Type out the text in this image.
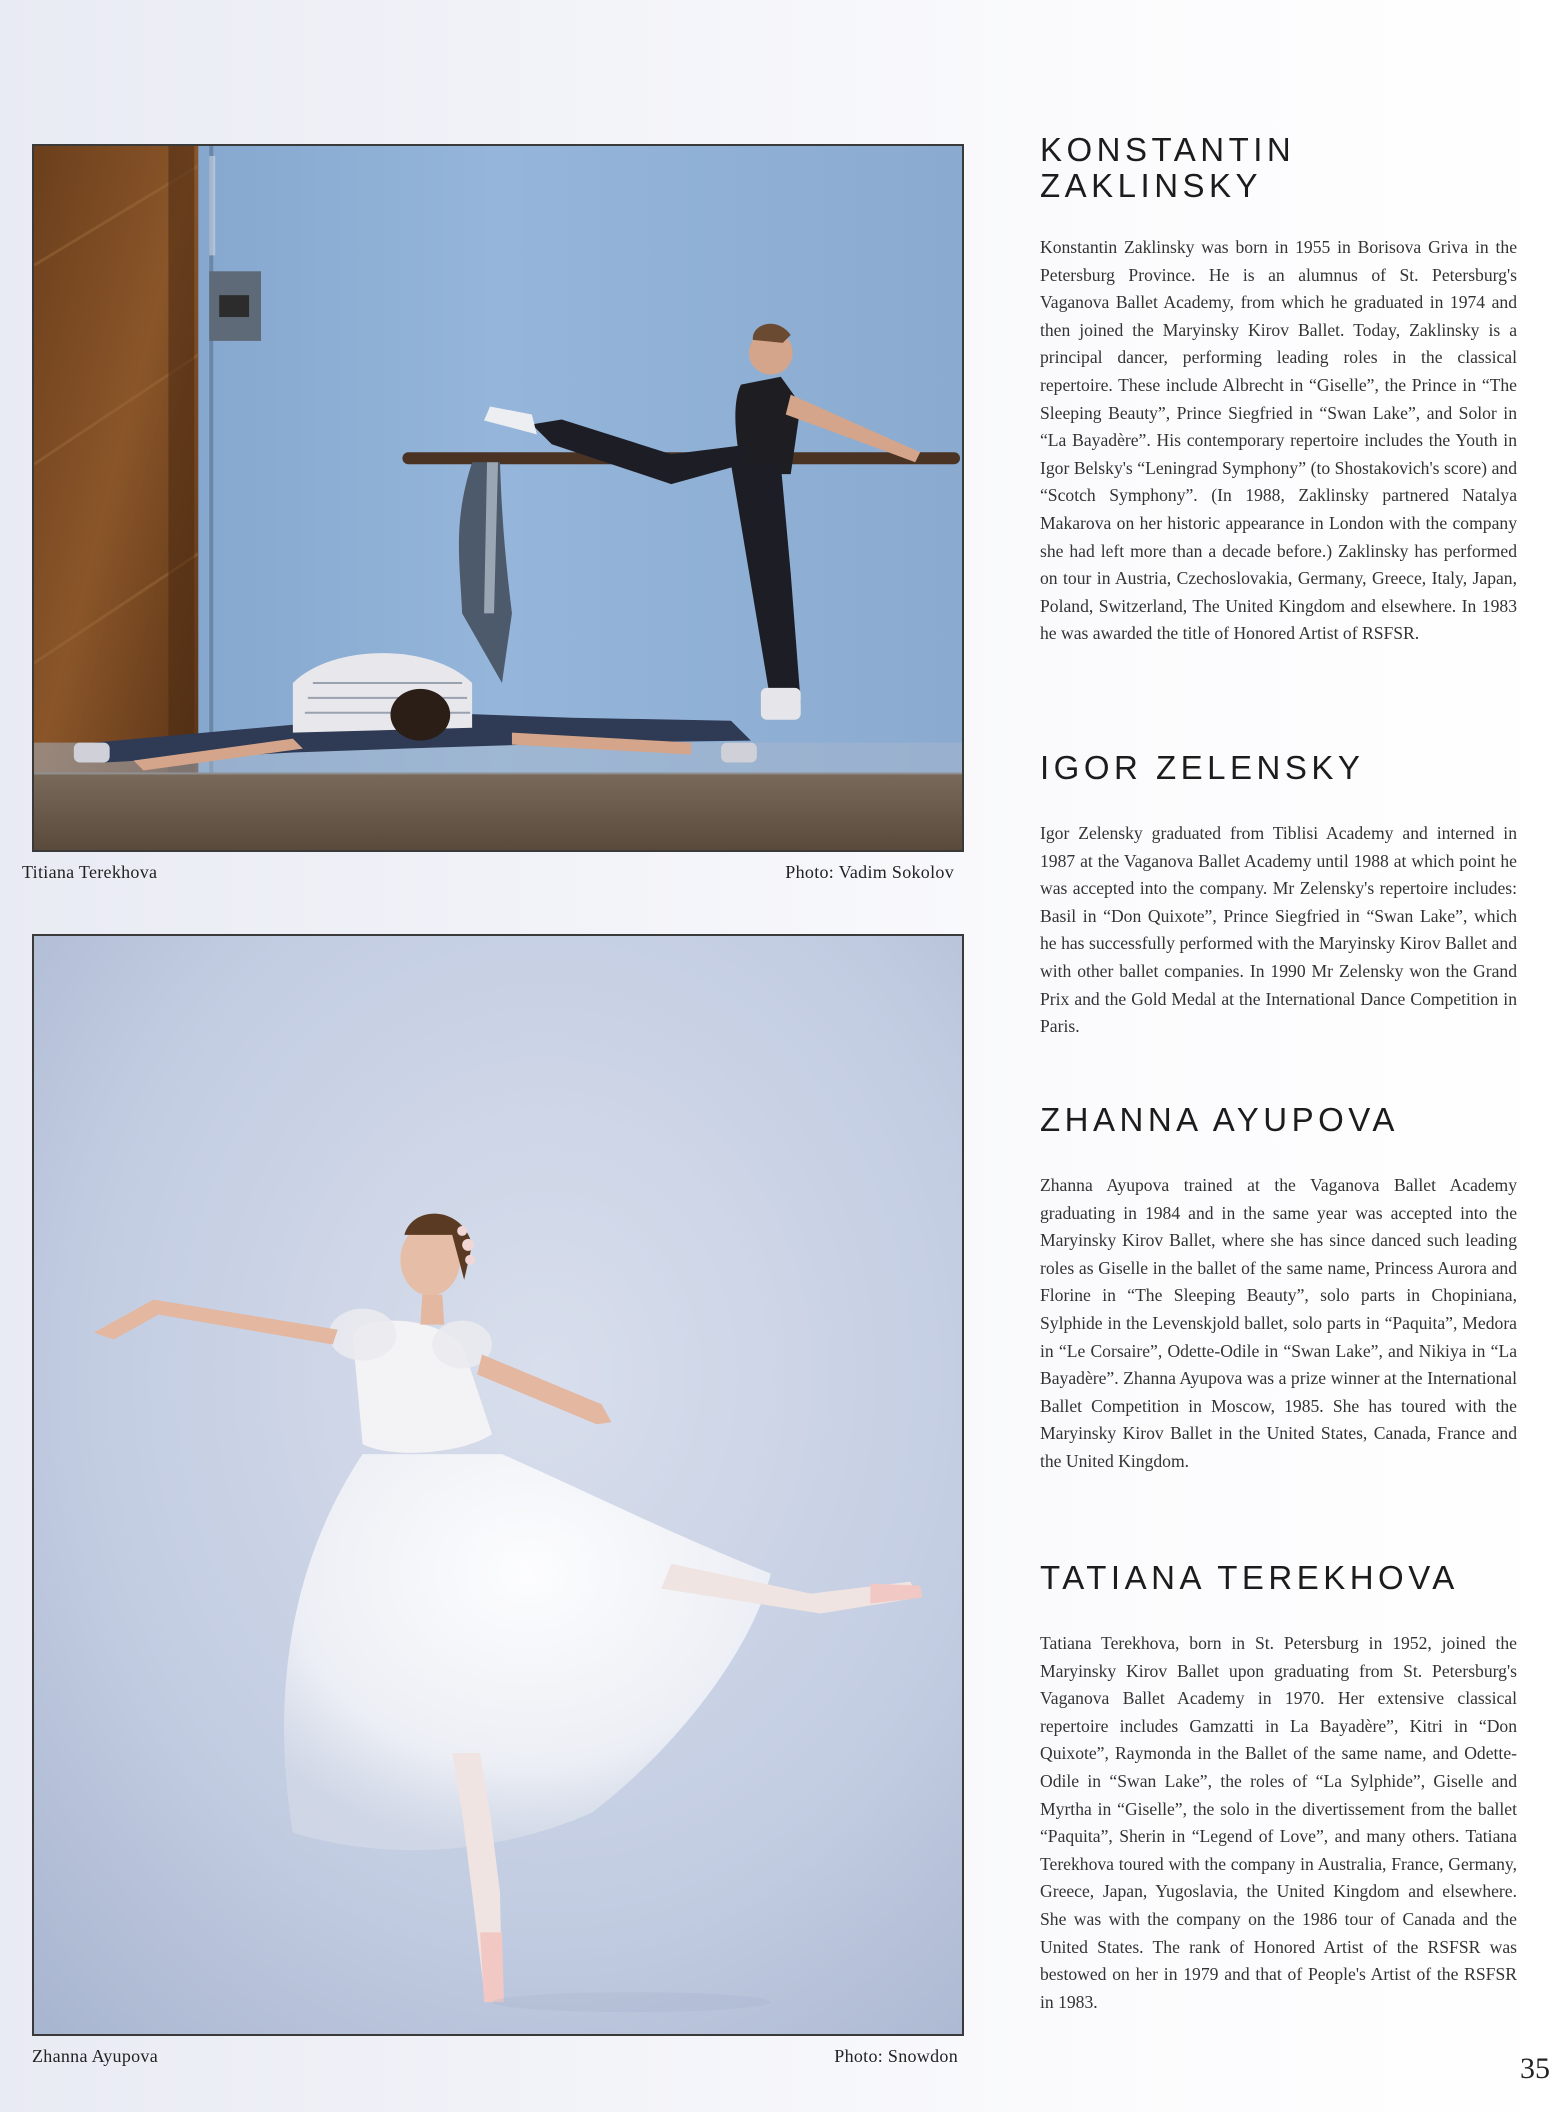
Titiana Terekhova	Photo: Vadim Sokolov
Zhanna Ayupova	Photo: Snowdon
KONSTANTIN
ZAKLINSKY

Konstantin Zaklinsky was born in 1955 in Borisova Griva in the Petersburg Province. He is an alumnus of St. Petersburg's Vaganova Ballet Academy, from which he graduated in 1974 and then joined the Maryinsky Kirov Ballet. Today, Zaklinsky is a principal dancer, performing leading roles in the classical repertoire. These include Albrecht in “Giselle”, the Prince in “The Sleeping Beauty”, Prince Siegfried in “Swan Lake”, and Solor in “La Bayadère”. His contemporary repertoire includes the Youth in Igor Belsky's “Leningrad Symphony” (to Shostakovich's score) and “Scotch Symphony”. (In 1988, Zaklinsky partnered Natalya Makarova on her historic appearance in London with the company she had left more than a decade before.) Zaklinsky has performed on tour in Austria, Czechoslovakia, Germany, Greece, Italy, Japan, Poland, Switzerland, The United Kingdom and elsewhere. In 1983 he was awarded the title of Honored Artist of RSFSR.

IGOR ZELENSKY

Igor Zelensky graduated from Tiblisi Academy and interned in 1987 at the Vaganova Ballet Academy until 1988 at which point he was accepted into the company. Mr Zelensky's repertoire includes: Basil in “Don Quixote”, Prince Siegfried in “Swan Lake”, which he has successfully performed with the Maryinsky Kirov Ballet and with other ballet companies. In 1990 Mr Zelensky won the Grand Prix and the Gold Medal at the International Dance Competition in Paris.

ZHANNA AYUPOVA

Zhanna Ayupova trained at the Vaganova Ballet Academy graduating in 1984 and in the same year was accepted into the Maryinsky Kirov Ballet, where she has since danced such leading roles as Giselle in the ballet of the same name, Princess Aurora and Florine in “The Sleeping Beauty”, solo parts in Chopiniana, Sylphide in the Levenskjold ballet, solo parts in “Paquita”, Medora in “Le Corsaire”, Odette-Odile in “Swan Lake”, and Nikiya in “La Bayadère”. Zhanna Ayupova was a prize winner at the International Ballet Competition in Moscow, 1985. She has toured with the Maryinsky Kirov Ballet in the United States, Canada, France and the United Kingdom.

TATIANA TEREKHOVA

Tatiana Terekhova, born in St. Petersburg in 1952, joined the Maryinsky Kirov Ballet upon graduating from St. Petersburg's Vaganova Ballet Academy in 1970. Her extensive classical repertoire includes Gamzatti in La Bayadère”, Kitri in “Don Quixote”, Raymonda in the Ballet of the same name, and Odette-Odile in “Swan Lake”, the roles of “La Sylphide”, Giselle and Myrtha in “Giselle”, the solo in the divertissement from the ballet “Paquita”, Sherin in “Legend of Love”, and many others. Tatiana Terekhova toured with the company in Australia, France, Germany, Greece, Japan, Yugoslavia, the United Kingdom and elsewhere. She was with the company on the 1986 tour of Canada and the United States. The rank of Honored Artist of the RSFSR was bestowed on her in 1979 and that of People's Artist of the RSFSR in 1983.

35
